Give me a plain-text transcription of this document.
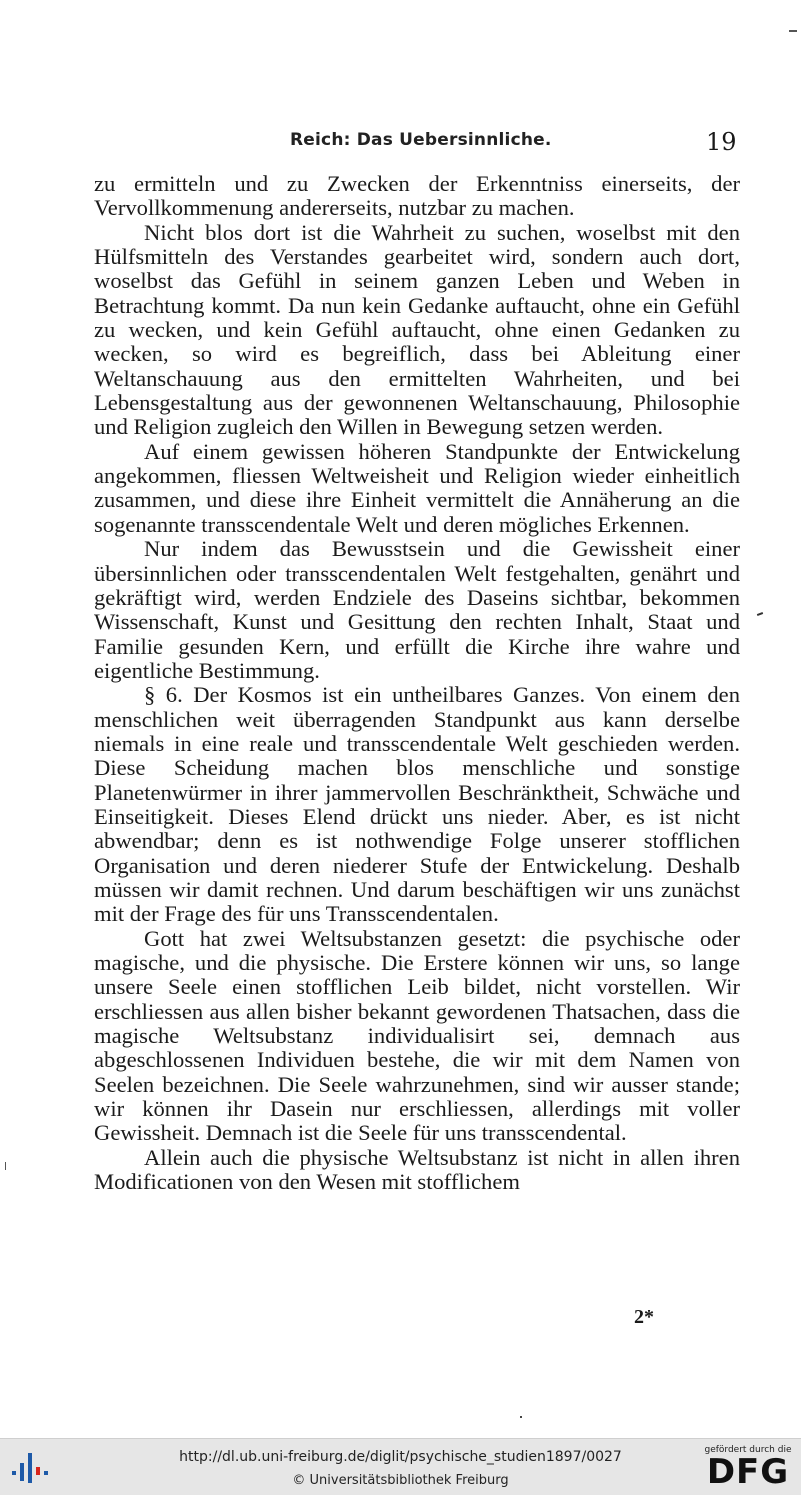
Reich: Das Uebersinnliche.	19

zu ermitteln und zu Zwecken der Erkenntniss einerseits, der Vervollkommenung andererseits, nutzbar zu machen.

Nicht blos dort ist die Wahrheit zu suchen, woselbst mit den Hülfsmitteln des Verstandes gearbeitet wird, sondern auch dort, woselbst das Gefühl in seinem ganzen Leben und Weben in Betrachtung kommt. Da nun kein Gedanke auftaucht, ohne ein Gefühl zu wecken, und kein Gefühl auftaucht, ohne einen Gedanken zu wecken, so wird es begreiflich, dass bei Ableitung einer Weltanschauung aus den ermittelten Wahrheiten, und bei Lebensgestaltung aus der gewonnenen Weltanschauung, Philosophie und Religion zugleich den Willen in Bewegung setzen werden.

Auf einem gewissen höheren Standpunkte der Entwickelung angekommen, fliessen Weltweisheit und Religion wieder einheitlich zusammen, und diese ihre Einheit vermittelt die Annäherung an die sogenannte transscendentale Welt und deren mögliches Erkennen.

Nur indem das Bewusstsein und die Gewissheit einer übersinnlichen oder transscendentalen Welt festgehalten, genährt und gekräftigt wird, werden Endziele des Daseins sichtbar, bekommen Wissenschaft, Kunst und Gesittung den rechten Inhalt, Staat und Familie gesunden Kern, und erfüllt die Kirche ihre wahre und eigentliche Bestimmung.

§ 6. Der Kosmos ist ein untheilbares Ganzes. Von einem den menschlichen weit überragenden Standpunkt aus kann derselbe niemals in eine reale und transscendentale Welt geschieden werden. Diese Scheidung machen blos menschliche und sonstige Planetenwürmer in ihrer jammervollen Beschränktheit, Schwäche und Einseitigkeit. Dieses Elend drückt uns nieder. Aber, es ist nicht abwendbar; denn es ist nothwendige Folge unserer stofflichen Organisation und deren niederer Stufe der Entwickelung. Deshalb müssen wir damit rechnen. Und darum beschäftigen wir uns zunächst mit der Frage des für uns Transscendentalen.

Gott hat zwei Weltsubstanzen gesetzt: die psychische oder magische, und die physische. Die Erstere können wir uns, so lange unsere Seele einen stofflichen Leib bildet, nicht vorstellen. Wir erschliessen aus allen bisher bekannt gewordenen Thatsachen, dass die magische Weltsubstanz individualisirt sei, demnach aus abgeschlossenen Individuen bestehe, die wir mit dem Namen von Seelen bezeichnen. Die Seele wahrzunehmen, sind wir ausser stande; wir können ihr Dasein nur erschliessen, allerdings mit voller Gewissheit. Demnach ist die Seele für uns transscendental.

Allein auch die physische Weltsubstanz ist nicht in allen ihren Modificationen von den Wesen mit stofflichem

2*
http://dl.ub.uni-freiburg.de/diglit/psychische_studien1897/0027
© Universitätsbibliothek Freiburg
gefördert durch die
DFG
